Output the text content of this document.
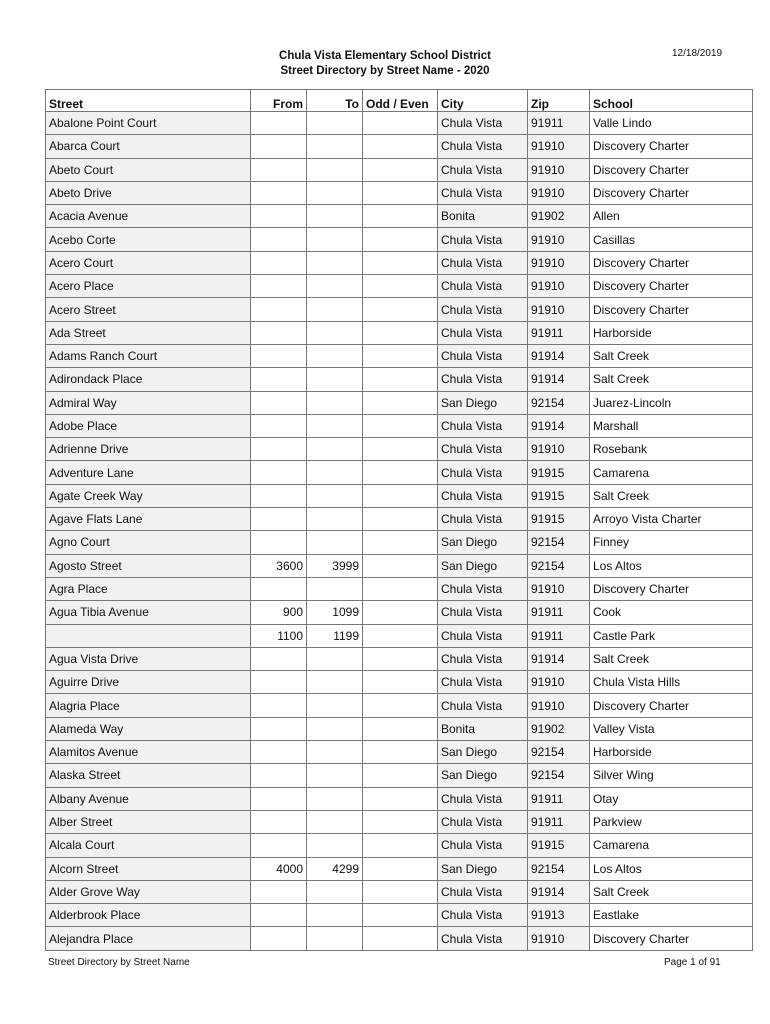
Chula Vista Elementary School District
Street Directory by Street Name - 2020
12/18/2019
Street	From	To	Odd / Even	City	Zip	School
Abalone Point Court				Chula Vista	91911	Valle Lindo
Abarca Court				Chula Vista	91910	Discovery Charter
Abeto Court				Chula Vista	91910	Discovery Charter
Abeto Drive				Chula Vista	91910	Discovery Charter
Acacia Avenue				Bonita	91902	Allen
Acebo Corte				Chula Vista	91910	Casillas
Acero Court				Chula Vista	91910	Discovery Charter
Acero Place				Chula Vista	91910	Discovery Charter
Acero Street				Chula Vista	91910	Discovery Charter
Ada Street				Chula Vista	91911	Harborside
Adams Ranch Court				Chula Vista	91914	Salt Creek
Adirondack Place				Chula Vista	91914	Salt Creek
Admiral Way				San Diego	92154	Juarez-Lincoln
Adobe Place				Chula Vista	91914	Marshall
Adrienne Drive				Chula Vista	91910	Rosebank
Adventure Lane				Chula Vista	91915	Camarena
Agate Creek Way				Chula Vista	91915	Salt Creek
Agave Flats Lane				Chula Vista	91915	Arroyo Vista Charter
Agno Court				San Diego	92154	Finney
Agosto Street	3600	3999		San Diego	92154	Los Altos
Agra Place				Chula Vista	91910	Discovery Charter
Agua Tibia Avenue	900	1099		Chula Vista	91911	Cook
	1100	1199		Chula Vista	91911	Castle Park
Agua Vista Drive				Chula Vista	91914	Salt Creek
Aguirre Drive				Chula Vista	91910	Chula Vista Hills
Alagria Place				Chula Vista	91910	Discovery Charter
Alameda Way				Bonita	91902	Valley Vista
Alamitos Avenue				San Diego	92154	Harborside
Alaska Street				San Diego	92154	Silver Wing
Albany Avenue				Chula Vista	91911	Otay
Alber Street				Chula Vista	91911	Parkview
Alcala Court				Chula Vista	91915	Camarena
Alcorn Street	4000	4299		San Diego	92154	Los Altos
Alder Grove Way				Chula Vista	91914	Salt Creek
Alderbrook Place				Chula Vista	91913	Eastlake
Alejandra Place				Chula Vista	91910	Discovery Charter
Street Directory by Street Name	Page 1 of 91
